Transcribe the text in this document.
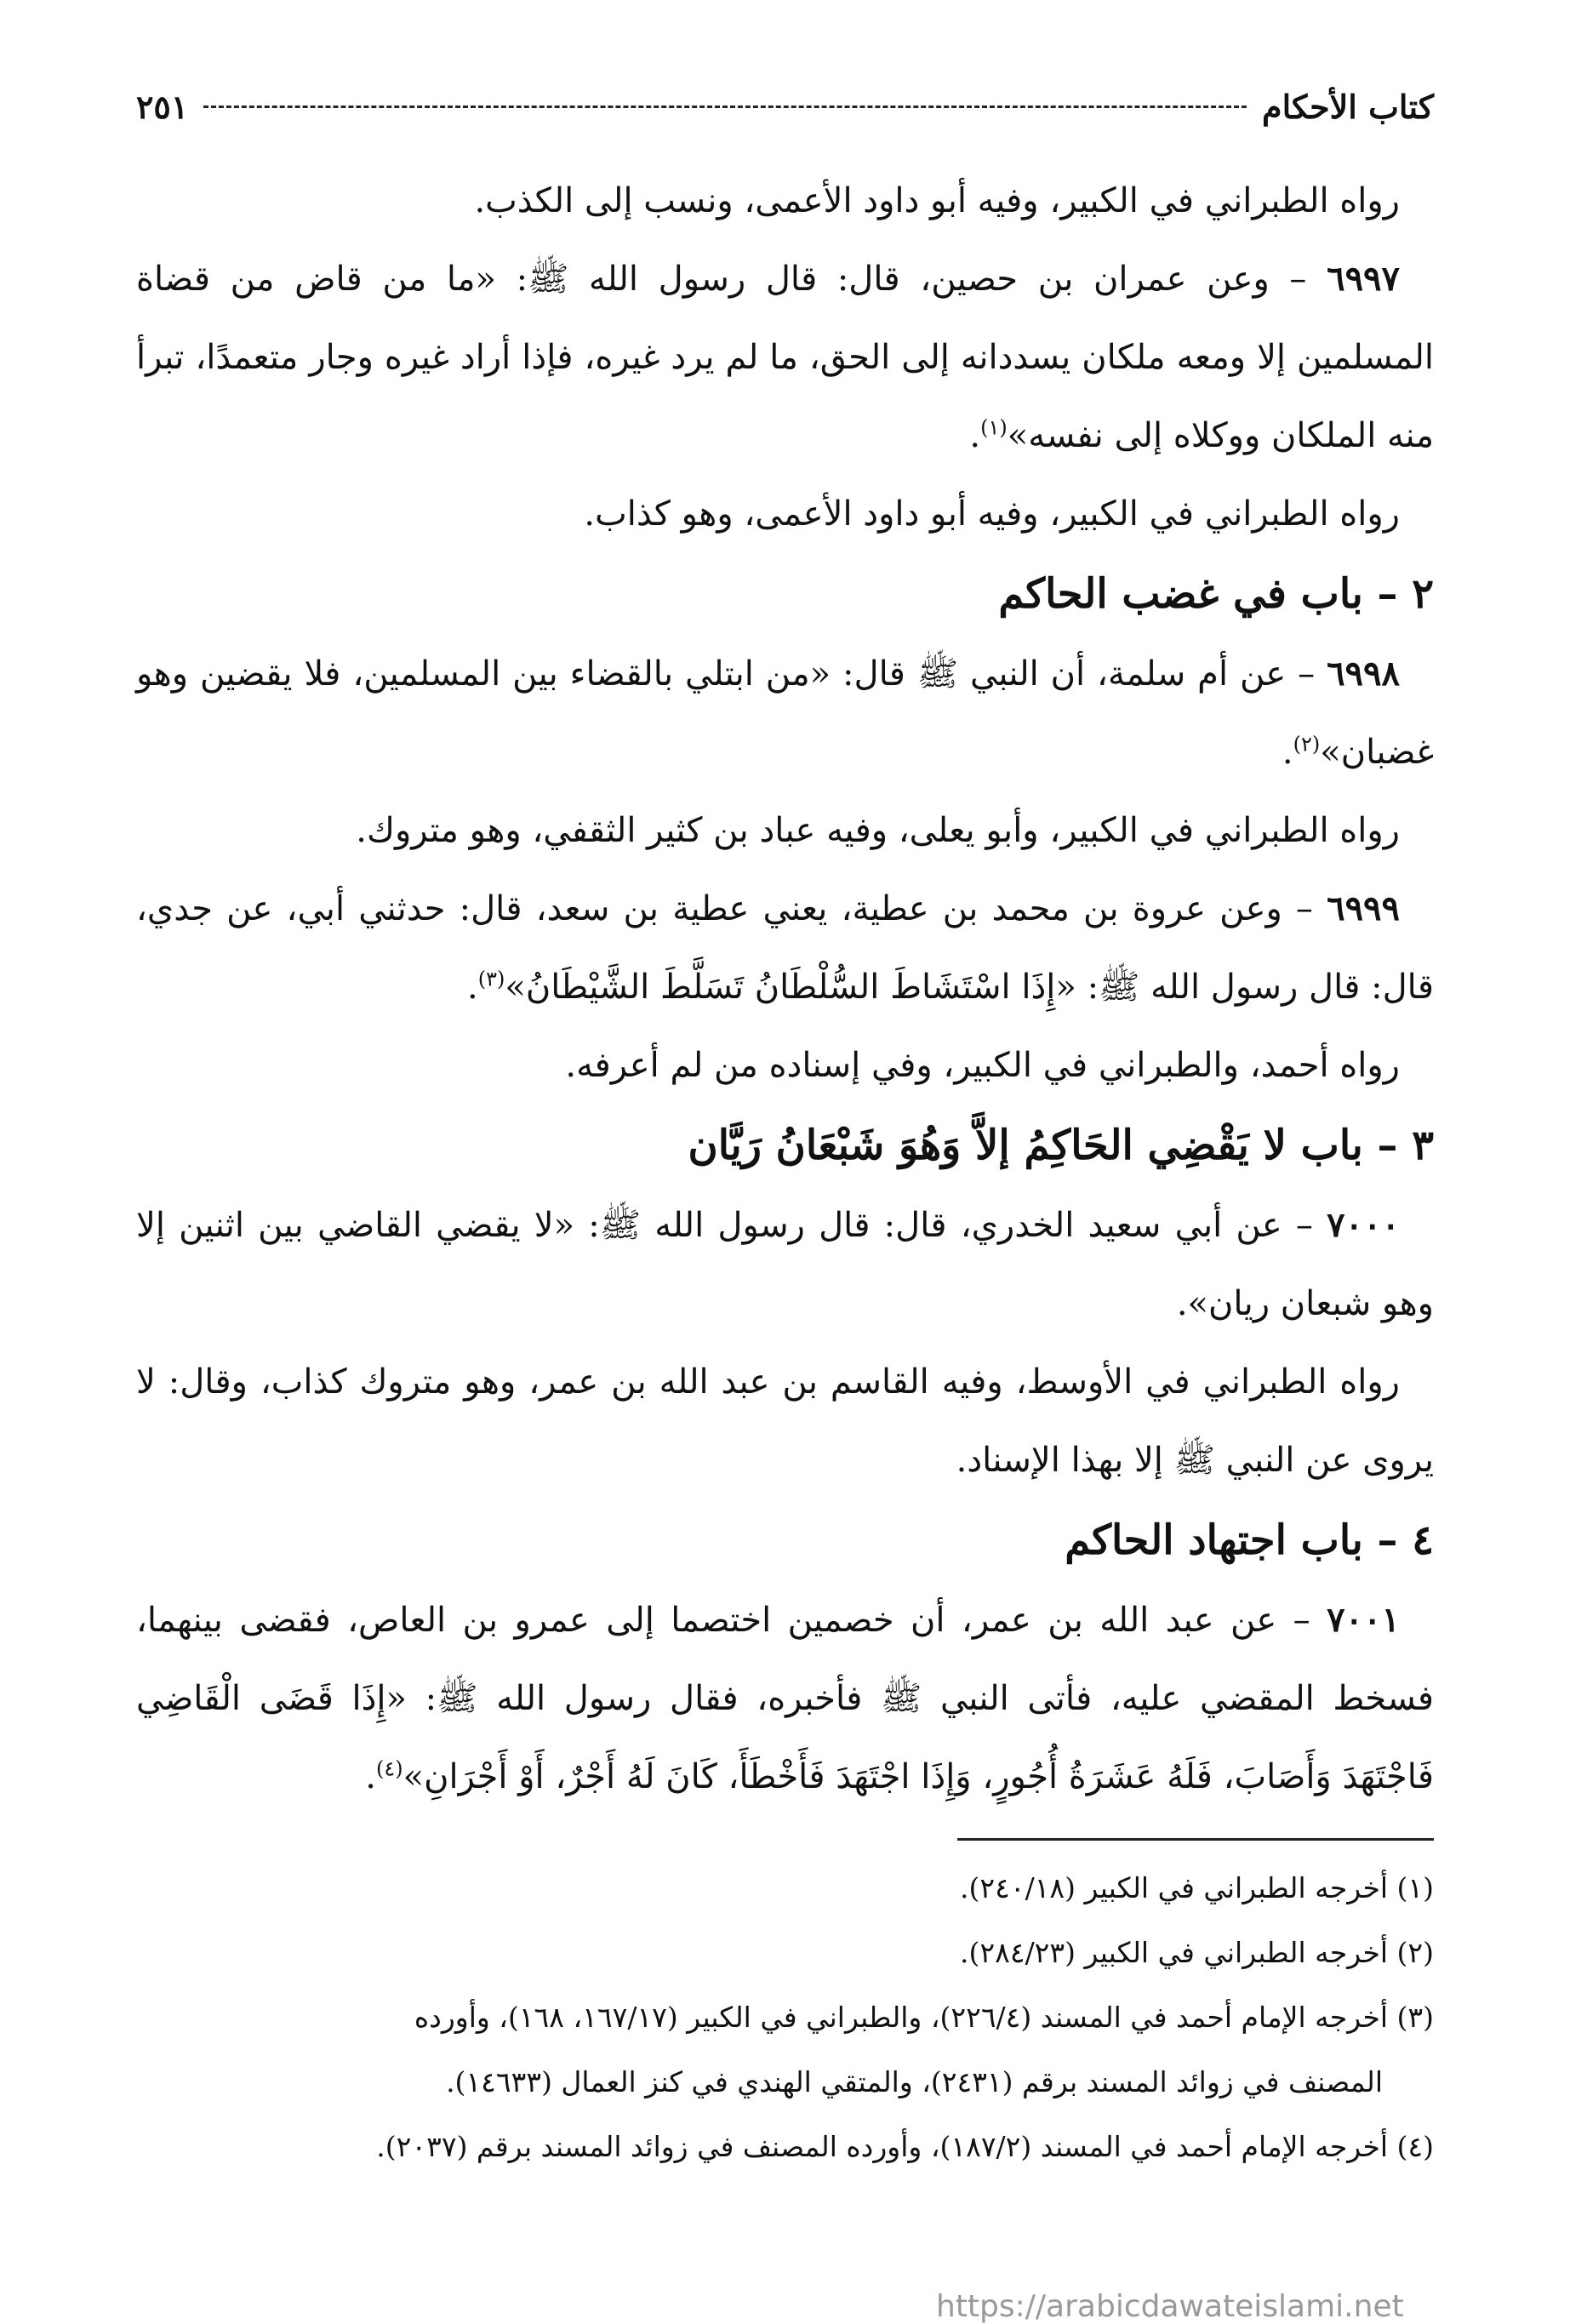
كتاب الأحكام
٢٥١

رواه الطبراني في الكبير، وفيه أبو داود الأعمى، ونسب إلى الكذب.

٦٩٩٧ – وعن عمران بن حصين، قال: قال رسول الله ﷺ: «ما من قاض من قضاة المسلمين إلا ومعه ملكان يسددانه إلى الحق، ما لم يرد غيره، فإذا أراد غيره وجار متعمدًا، تبرأ منه الملكان ووكلاه إلى نفسه»$^{(١)}$.

رواه الطبراني في الكبير، وفيه أبو داود الأعمى، وهو كذاب.

٢ – باب في غضب الحاكم

٦٩٩٨ – عن أم سلمة، أن النبي ﷺ قال: «من ابتلي بالقضاء بين المسلمين، فلا يقضين وهو غضبان»$^{(٢)}$.

رواه الطبراني في الكبير، وأبو يعلى، وفيه عباد بن كثير الثقفي، وهو متروك.

٦٩٩٩ – وعن عروة بن محمد بن عطية، يعني عطية بن سعد، قال: حدثني أبي، عن جدي، قال: قال رسول الله ﷺ: «إِذَا اسْتَشَاطَ السُّلْطَانُ تَسَلَّطَ الشَّيْطَانُ»$^{(٣)}$.

رواه أحمد، والطبراني في الكبير، وفي إسناده من لم أعرفه.

٣ – باب لا يَقْضِي الحَاكِمُ إلاَّ وَهُوَ شَبْعَانُ رَيَّان

٧٠٠٠ – عن أبي سعيد الخدري، قال: قال رسول الله ﷺ: «لا يقضي القاضي بين اثنين إلا وهو شبعان ريان».

رواه الطبراني في الأوسط، وفيه القاسم بن عبد الله بن عمر، وهو متروك كذاب، وقال: لا يروى عن النبي ﷺ إلا بهذا الإسناد.

٤ – باب اجتهاد الحاكم

٧٠٠١ – عن عبد الله بن عمر، أن خصمين اختصما إلى عمرو بن العاص، فقضى بينهما، فسخط المقضي عليه، فأتى النبي ﷺ فأخبره، فقال رسول الله ﷺ: «إِذَا قَضَى الْقَاضِي فَاجْتَهَدَ وَأَصَابَ، فَلَهُ عَشَرَةُ أُجُورٍ، وَإِذَا اجْتَهَدَ فَأَخْطَأَ، كَانَ لَهُ أَجْرٌ، أَوْ أَجْرَانِ»$^{(٤)}$.

(١) أخرجه الطبراني في الكبير (٢٤٠/١٨).

(٢) أخرجه الطبراني في الكبير (٢٨٤/٢٣).

(٣) أخرجه الإمام أحمد في المسند (٢٢٦/٤)، والطبراني في الكبير (١٦٧/١٧، ١٦٨)، وأورده

المصنف في زوائد المسند برقم (٢٤٣١)، والمتقي الهندي في كنز العمال (١٤٦٣٣).

(٤) أخرجه الإمام أحمد في المسند (١٨٧/٢)، وأورده المصنف في زوائد المسند برقم (٢٠٣٧).

https://arabicdawateislami.net
